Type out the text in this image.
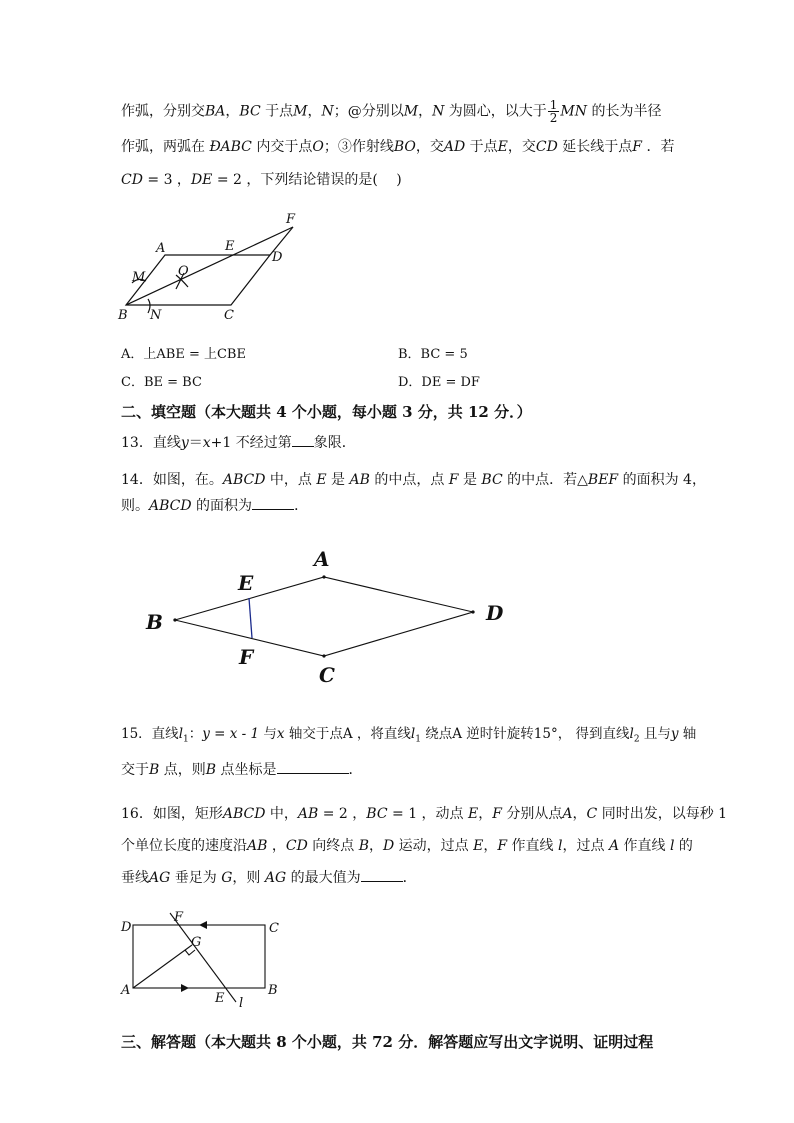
作弧，分别交BA，BC 于点M，N；@分别以M，N 为圆心，以大于 $\frac{1}{2}$ MN 的长为半径
作弧，两弧在 ÐABC 内交于点O；③作射线BO，交AD 于点E，交CD 延长线于点F ．若
CD = 3 ，DE = 2 ，下列结论错误的是(　 )
F
A	E
D
M	O
B N	C
A．上ABE = 上CBE	B．BC = 5
C．BE = BC	D．DE = DF
二、填空题（本大题共 4 个小题，每小题 3 分，共 12 分．）
13．直线y＝x+1 不经过第 象限．
14．如图，在。ABCD 中，点 E 是 AB 的中点，点 F 是 BC 的中点．若△BEF 的面积为 4，
则。ABCD 的面积为	．
A
B
C
D
E
F
15．直线$l_1$：y = x - 1 与x 轴交于点A ，将直线$l_1$ 绕点A 逆时针旋转15°， 得到直线$l_2$ 且与y 轴
交于B 点，则B 点坐标是	．
16．如图，矩形ABCD 中，AB = 2 ，BC = 1 ，动点 E，F 分别从点A，C 同时出发，以每秒 1
个单位长度的速度沿AB ，CD 向终点 B，D 运动，过点 E，F 作直线 l，过点 A 作直线 l 的
垂线AG 垂足为 G，则 AG 的最大值为	．
D
F
C
G
A
E l
B
三、解答题（本大题共 8 个小题，共 72 分．解答题应写出文字说明、证明过程
